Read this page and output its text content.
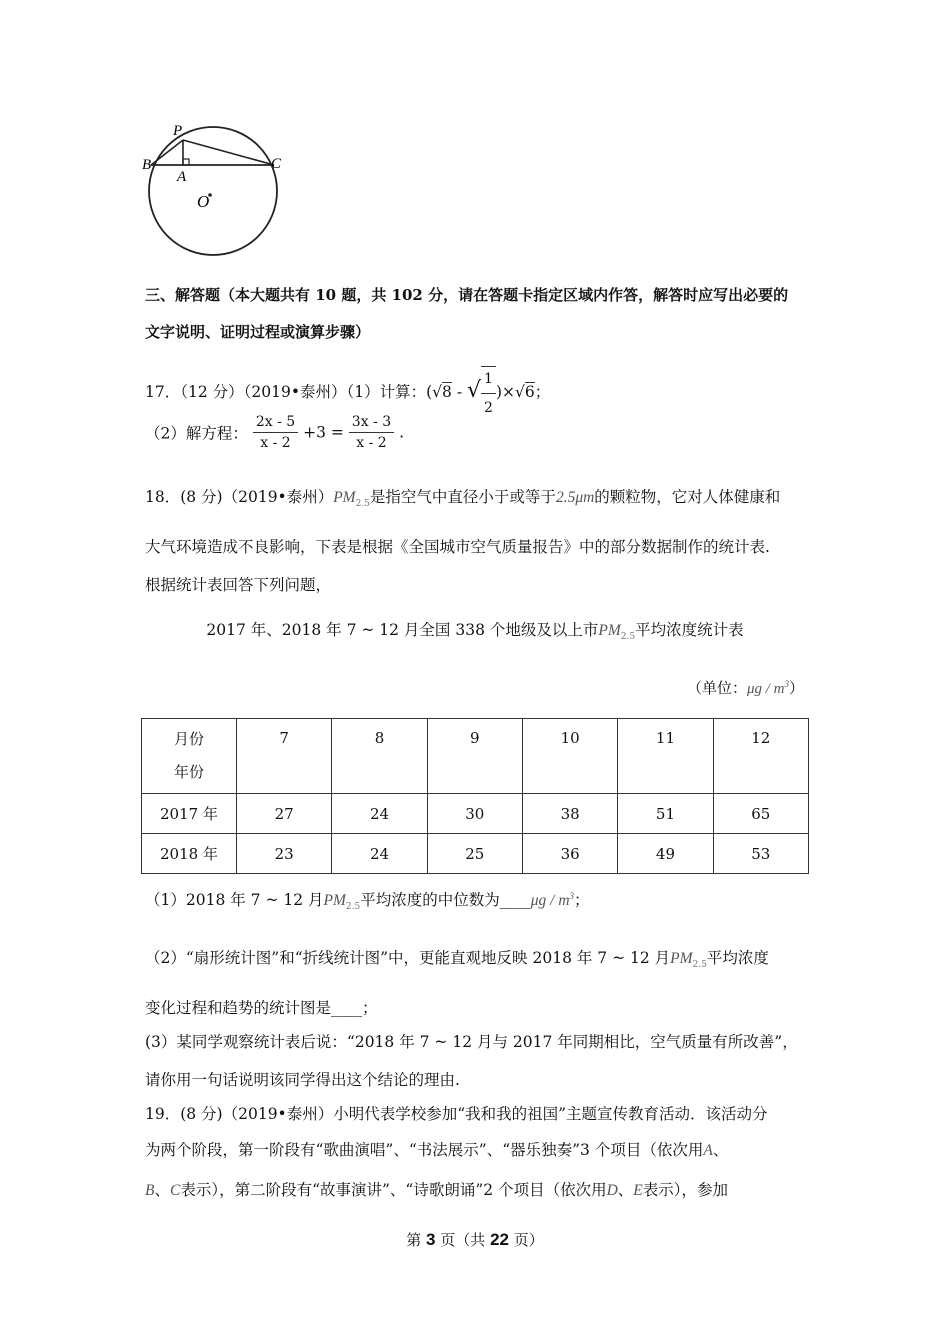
P
B	C
A
O
三、解答题（本大题共有 10 题，共 102 分，请在答题卡指定区域内作答，解答时应写出必要的
文字说明、证明过程或演算步骤）
17．（12 分）（2019•泰州）（1）计算：(√8 - √ $\frac{1}{2} )\times√6$；
（2）解方程： $\frac{2x - 5}{x - 2} +3 = \frac{3x - 3}{x - 2}$ .
18．(8 分)（2019•泰州）$PM_{2.5}$是指空气中直径小于或等于2.5μm的颗粒物，它对人体健康和
大气环境造成不良影响，下表是根据《全国城市空气质量报告》中的部分数据制作的统计表.
根据统计表回答下列问题，
2017 年、2018 年 7 ~ 12 月全国 338 个地级及以上市$PM_{2.5}$平均浓度统计表
（单位：μg / $m^3$）
月份
年份	7	8	9	10	11	12
2017 年	27	24	30	38	51	65
2018 年	23	24	25	36	49	53
（1）2018 年 7 ~ 12 月$PM_{2.5}$平均浓度的中位数为____μg / $m^3$；
（2）“扇形统计图”和“折线统计图”中，更能直观地反映 2018 年 7 ~ 12 月$PM_{2.5}$平均浓度
变化过程和趋势的统计图是____；
(3）某同学观察统计表后说：“2018 年 7 ~ 12 月与 2017 年同期相比，空气质量有所改善”，
请你用一句话说明该同学得出这个结论的理由.
19．(8 分)（2019•泰州）小明代表学校参加“我和我的祖国”主题宣传教育活动．该活动分
为两个阶段，第一阶段有“歌曲演唱”、“书法展示”、“器乐独奏”3 个项目（依次用A、
B、C表示），第二阶段有“故事演讲”、“诗歌朗诵”2 个项目（依次用D、E表示），参加
第 3 页（共 22 页）
